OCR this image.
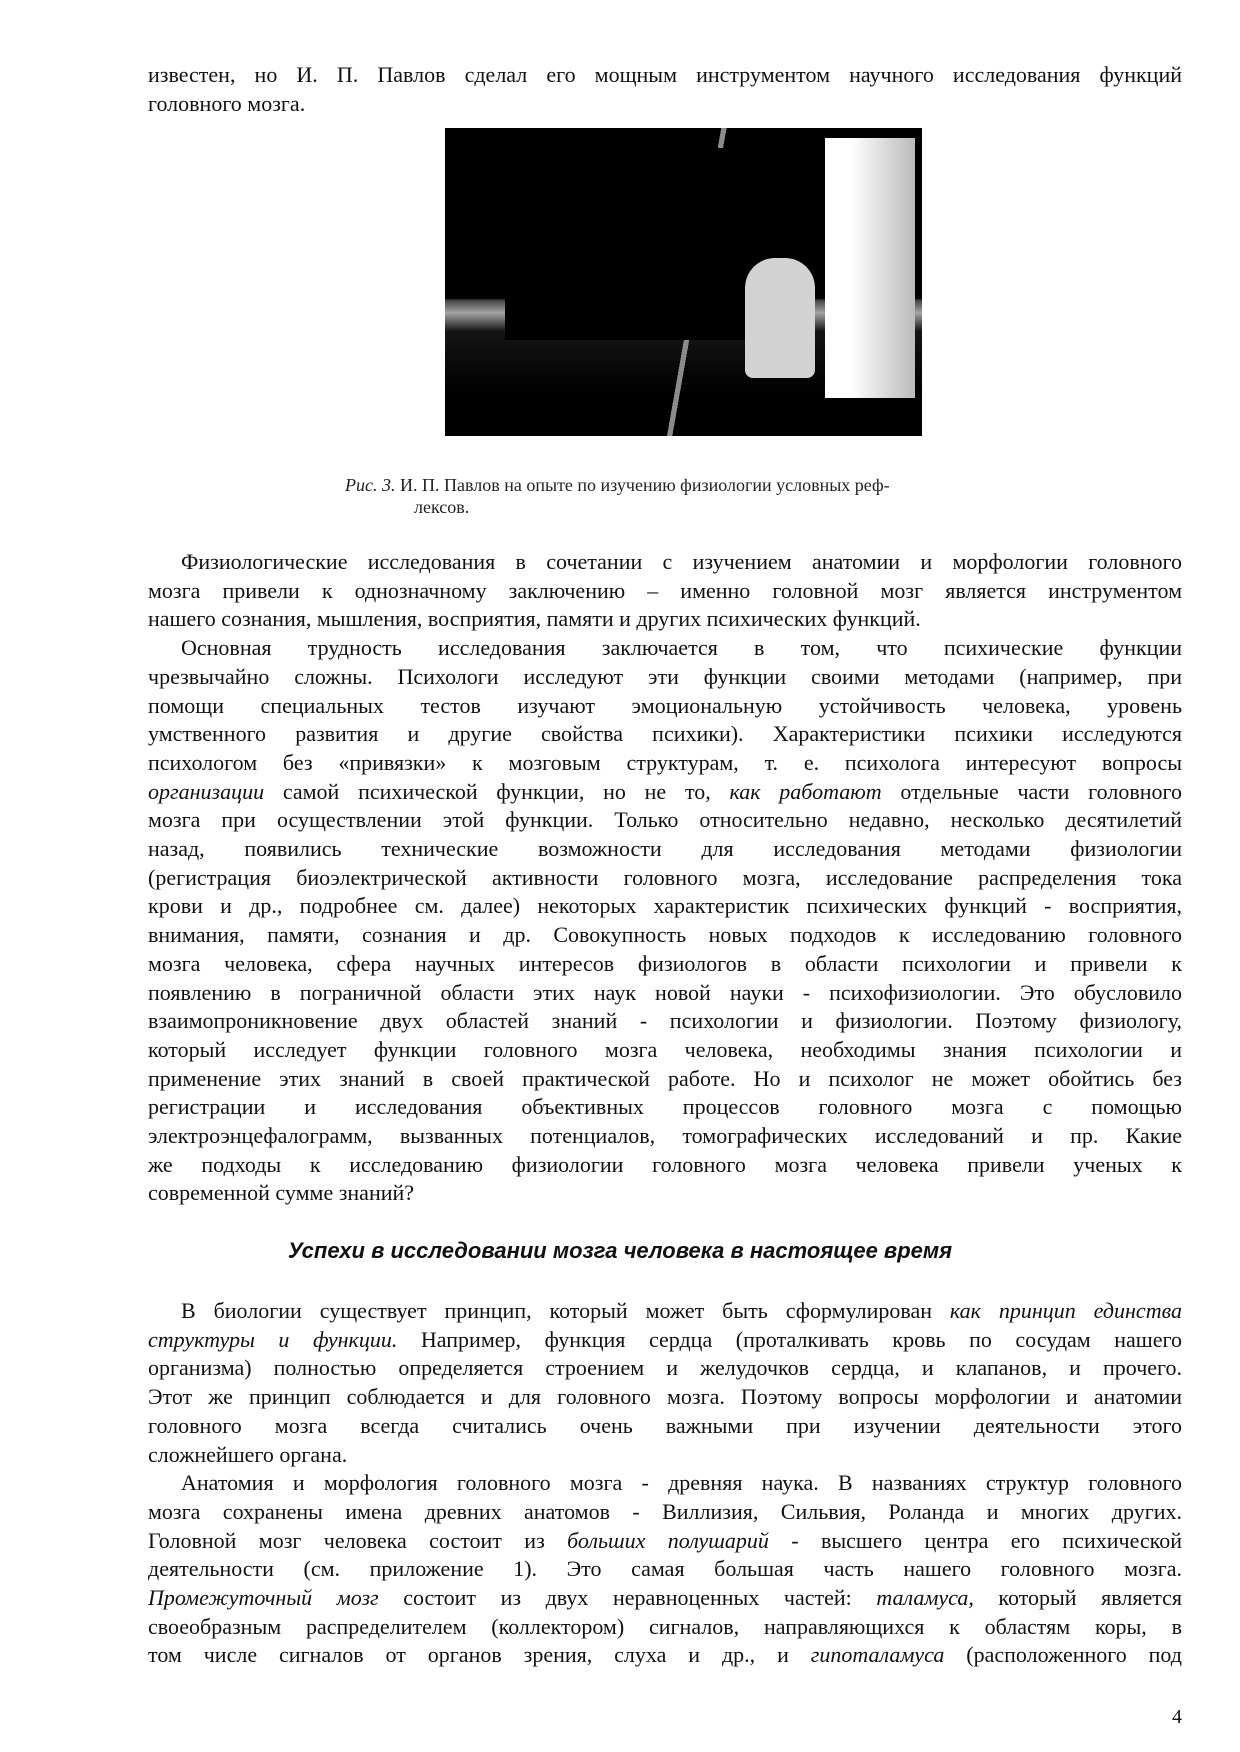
известен, но И. П. Павлов сделал его мощным инструментом научного исследования функций
головного мозга.
Рис. 3. И. П. Павлов на опыте по изучению физиологии условных реф-
лексов.
Физиологические исследования в сочетании с изучением анатомии и морфологии головного
мозга привели к однозначному заключению – именно головной мозг является инструментом
нашего сознания, мышления, восприятия, памяти и других психических функций.
Основная трудность исследования заключается в том, что психические функции
чрезвычайно сложны. Психологи исследуют эти функции своими методами (например, при
помощи специальных тестов изучают эмоциональную устойчивость человека, уровень
умственного развития и другие свойства психики). Характеристики психики исследуются
психологом без «привязки» к мозговым структурам, т. е. психолога интересуют вопросы
организации самой психической функции, но не то, как работают отдельные части головного
мозга при осуществлении этой функции. Только относительно недавно, несколько десятилетий
назад, появились технические возможности для исследования методами физиологии
(регистрация биоэлектрической активности головного мозга, исследование распределения тока
крови и др., подробнее см. далее) некоторых характеристик психических функций - восприятия,
внимания, памяти, сознания и др. Совокупность новых подходов к исследованию головного
мозга человека, сфера научных интересов физиологов в области психологии и привели к
появлению в пограничной области этих наук новой науки - психофизиологии. Это обусловило
взаимопроникновение двух областей знаний - психологии и физиологии. Поэтому физиологу,
который исследует функции головного мозга человека, необходимы знания психологии и
применение этих знаний в своей практической работе. Но и психолог не может обойтись без
регистрации и исследования объективных процессов головного мозга с помощью
электроэнцефалограмм, вызванных потенциалов, томографических исследований и пр. Какие
же подходы к исследованию физиологии головного мозга человека привели ученых к
современной сумме знаний?
Успехи в исследовании мозга человека в настоящее время
В биологии существует принцип, который может быть сформулирован как принцип единства
структуры и функции. Например, функция сердца (проталкивать кровь по сосудам нашего
организма) полностью определяется строением и желудочков сердца, и клапанов, и прочего.
Этот же принцип соблюдается и для головного мозга. Поэтому вопросы морфологии и анатомии
головного мозга всегда считались очень важными при изучении деятельности этого
сложнейшего органа.
Анатомия и морфология головного мозга - древняя наука. В названиях структур головного
мозга сохранены имена древних анатомов - Виллизия, Сильвия, Роланда и многих других.
Головной мозг человека состоит из больших полушарий - высшего центра его психической
деятельности (см. приложение 1). Это самая большая часть нашего головного мозга.
Промежуточный мозг состоит из двух неравноценных частей: таламуса, который является
своеобразным распределителем (коллектором) сигналов, направляющихся к областям коры, в
том числе сигналов от органов зрения, слуха и др., и гипоталамуса (расположенного под
4
